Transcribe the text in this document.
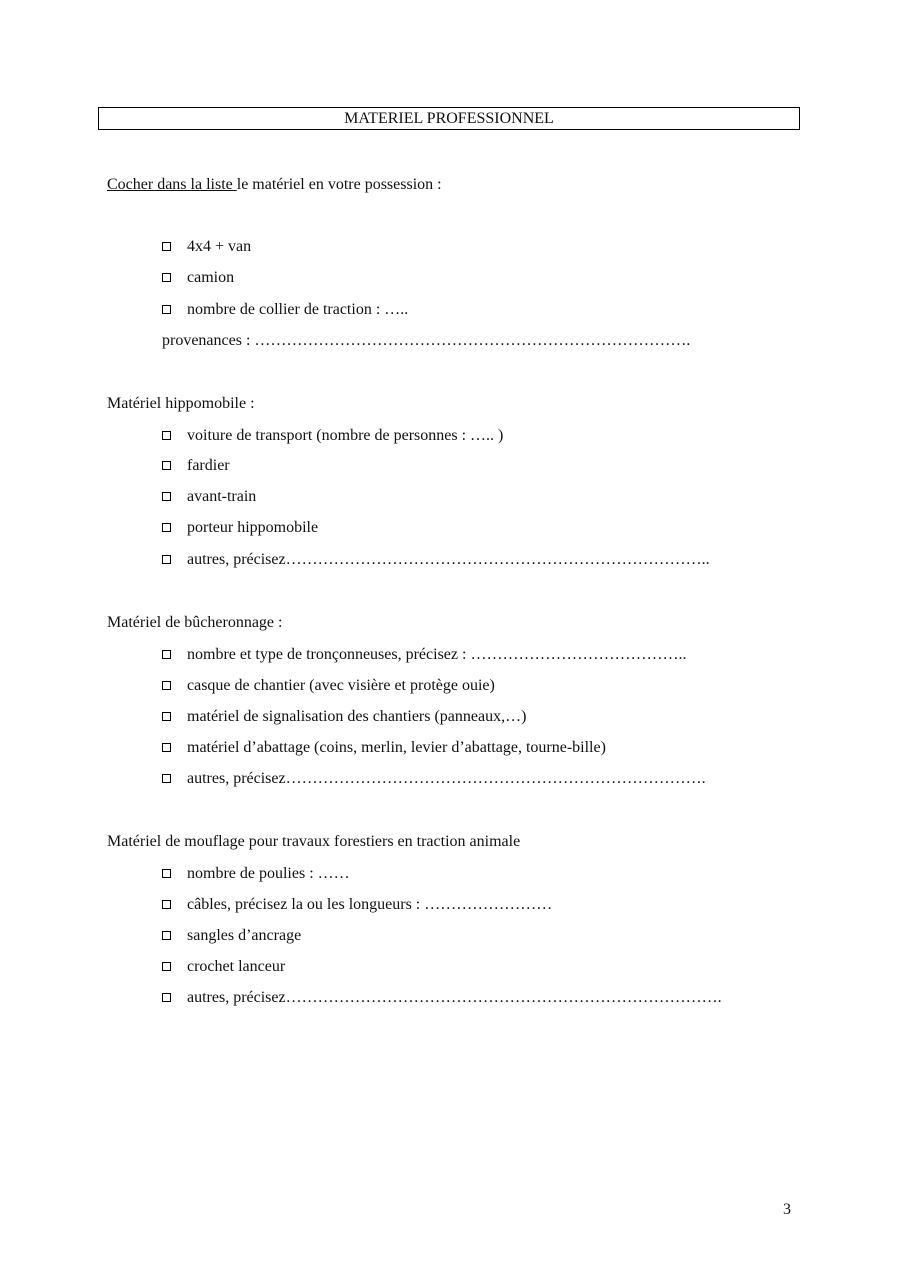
MATERIEL PROFESSIONNEL
Cocher dans la liste le matériel en votre possession :
4x4 + van
camion
nombre de collier de traction : …..
provenances : ……………………………………………………………………….
Matériel hippomobile :
voiture de transport (nombre de personnes : ….. )
fardier
avant-train
porteur hippomobile
autres, précisez……………………………………………………………………..
Matériel de bûcheronnage :
nombre et type de tronçonneuses, précisez : …………………………………..
casque de chantier (avec visière et protège ouie)
matériel de signalisation des chantiers (panneaux,…)
matériel d’abattage (coins, merlin, levier d’abattage, tourne-bille)
autres, précisez…………………………………………………………………….
Matériel de mouflage pour travaux forestiers en traction animale
nombre de poulies : ……
câbles, précisez la ou les longueurs : ……………………
sangles d’ancrage
crochet lanceur
autres, précisez……………………………………………………………………….
3
